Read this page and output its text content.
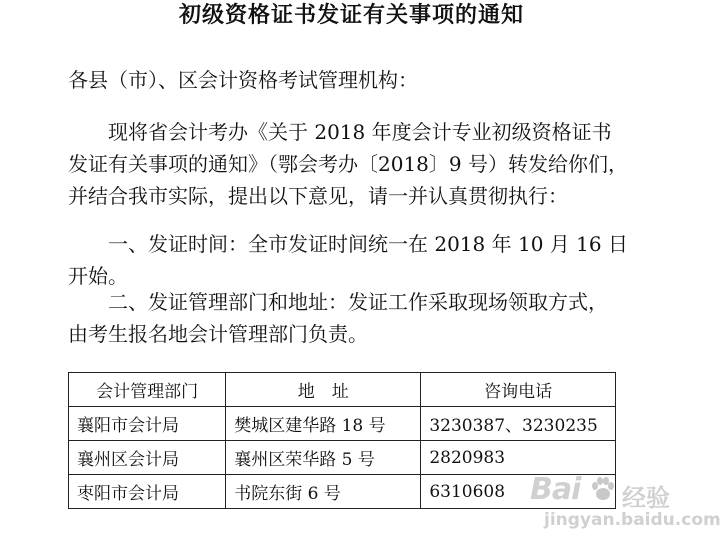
初级资格证书发证有关事项的通知
各县（市）、区会计资格考试管理机构：
现将省会计考办《关于 2018 年度会计专业初级资格证书
发证有关事项的通知》（鄂会考办〔2018〕9 号）转发给你们，
并结合我市实际，提出以下意见，请一并认真贯彻执行：
一、发证时间：全市发证时间统一在 2018 年 10 月 16 日
开始。
二、发证管理部门和地址：发证工作采取现场领取方式，
由考生报名地会计管理部门负责。
会计管理部门	地　址	咨询电话
襄阳市会计局	樊城区建华路 18 号	3230387、3230235
襄州区会计局	襄州区荣华路 5 号	2820983
枣阳市会计局	书院东街 6 号	6310608 Bai 经验
jingyan.baidu.com
